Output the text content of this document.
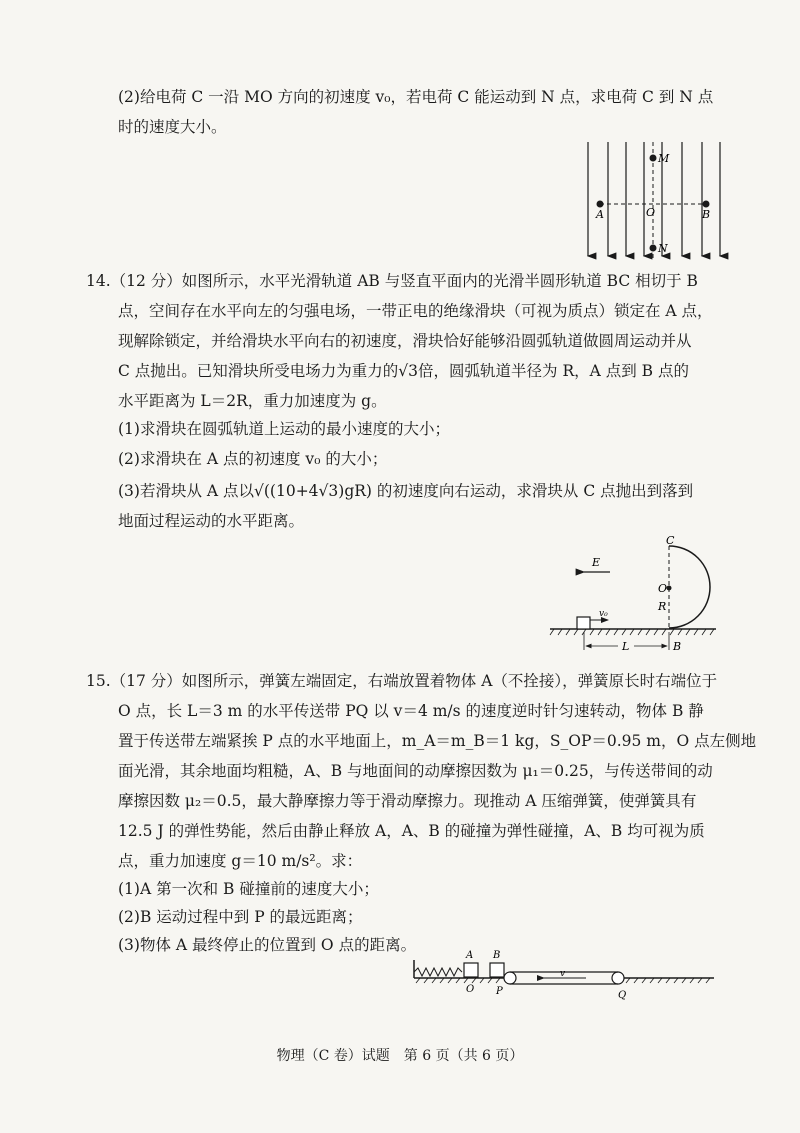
(2)给电荷 C 一沿 MO 方向的初速度 v₀，若电荷 C 能运动到 N 点，求电荷 C 到 N 点

时的速度大小。

M
O
N
A	B

14.（12 分）如图所示，水平光滑轨道 AB 与竖直平面内的光滑半圆形轨道 BC 相切于 B

点，空间存在水平向左的匀强电场，一带正电的绝缘滑块（可视为质点）锁定在 A 点，

现解除锁定，并给滑块水平向右的初速度，滑块恰好能够沿圆弧轨道做圆周运动并从

C 点抛出。已知滑块所受电场力为重力的√3倍，圆弧轨道半径为 R，A 点到 B 点的

水平距离为 L＝2R，重力加速度为 g。

(1)求滑块在圆弧轨道上运动的最小速度的大小；

(2)求滑块在 A 点的初速度 v₀ 的大小；

(3)若滑块从 A 点以√((10+4√3)gR) 的初速度向右运动，求滑块从 C 点抛出到落到

地面过程运动的水平距离。

C
E
O
R
v₀
L	B

15.（17 分）如图所示，弹簧左端固定，右端放置着物体 A（不拴接），弹簧原长时右端位于

O 点，长 L＝3 m 的水平传送带 PQ 以 v＝4 m/s 的速度逆时针匀速转动，物体 B 静

置于传送带左端紧挨 P 点的水平地面上，m_A＝m_B＝1 kg，S_OP＝0.95 m，O 点左侧地

面光滑，其余地面均粗糙，A、B 与地面间的动摩擦因数为 μ₁＝0.25，与传送带间的动

摩擦因数 μ₂＝0.5，最大静摩擦力等于滑动摩擦力。现推动 A 压缩弹簧，使弹簧具有

12.5 J 的弹性势能，然后由静止释放 A，A、B 的碰撞为弹性碰撞，A、B 均可视为质

点，重力加速度 g＝10 m/s²。求：

(1)A 第一次和 B 碰撞前的速度大小；

(2)B 运动过程中到 P 的最远距离；

(3)物体 A 最终停止的位置到 O 点的距离。

A B
O
v
P	Q
物理（C 卷）试题　第 6 页（共 6 页）
